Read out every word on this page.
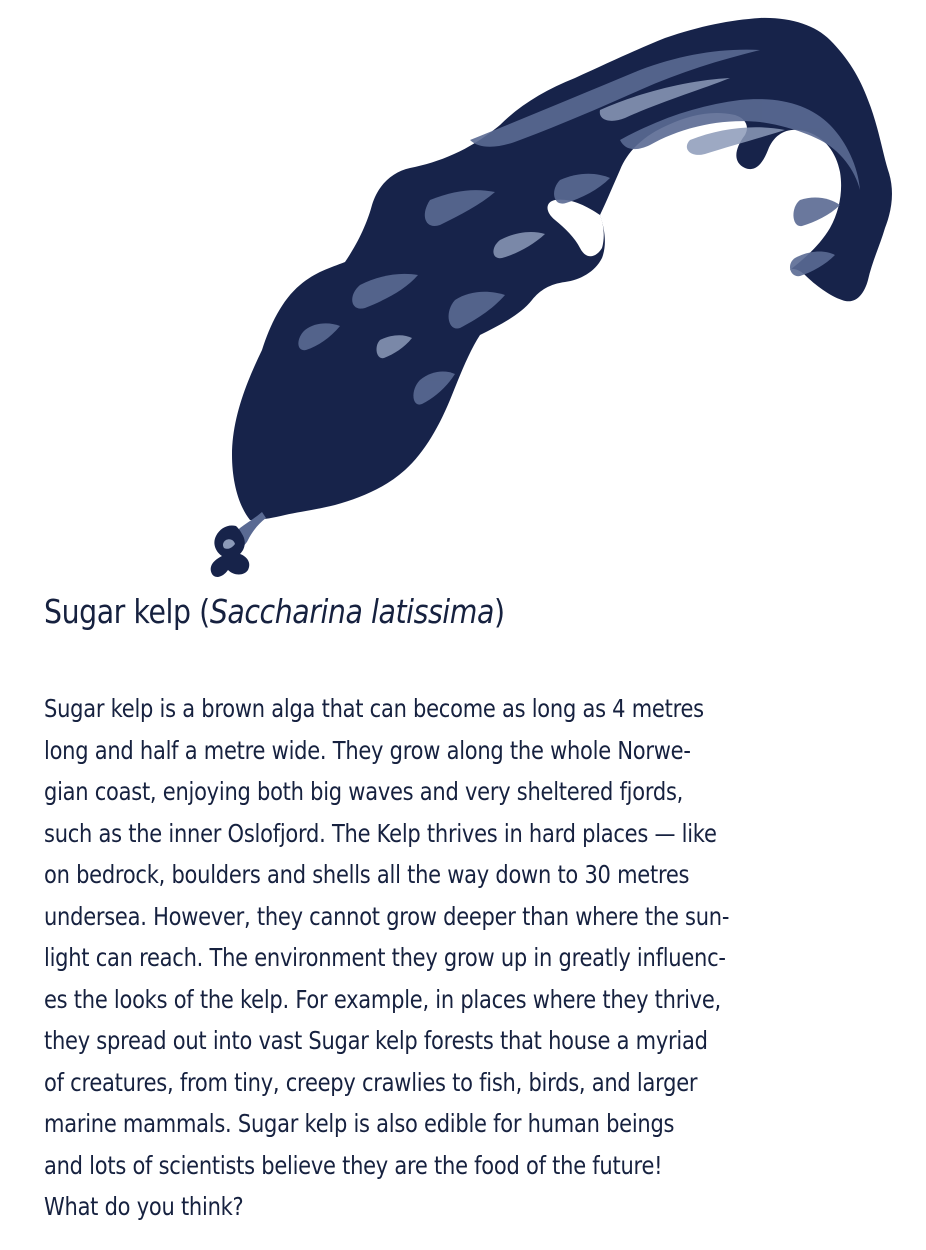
Sugar kelp (Saccharina latissima)
Sugar kelp is a brown alga that can become as long as 4 metres
long and half a metre wide. They grow along the whole Norwe-
gian coast, enjoying both big waves and very sheltered fjords,
such as the inner Oslofjord. The Kelp thrives in hard places — like
on bedrock, boulders and shells all the way down to 30 metres
undersea. However, they cannot grow deeper than where the sun-
light can reach. The environment they grow up in greatly influenc-
es the looks of the kelp. For example, in places where they thrive,
they spread out into vast Sugar kelp forests that house a myriad
of creatures, from tiny, creepy crawlies to fish, birds, and larger
marine mammals. Sugar kelp is also edible for human beings
and lots of scientists believe they are the food of the future!
What do you think?
